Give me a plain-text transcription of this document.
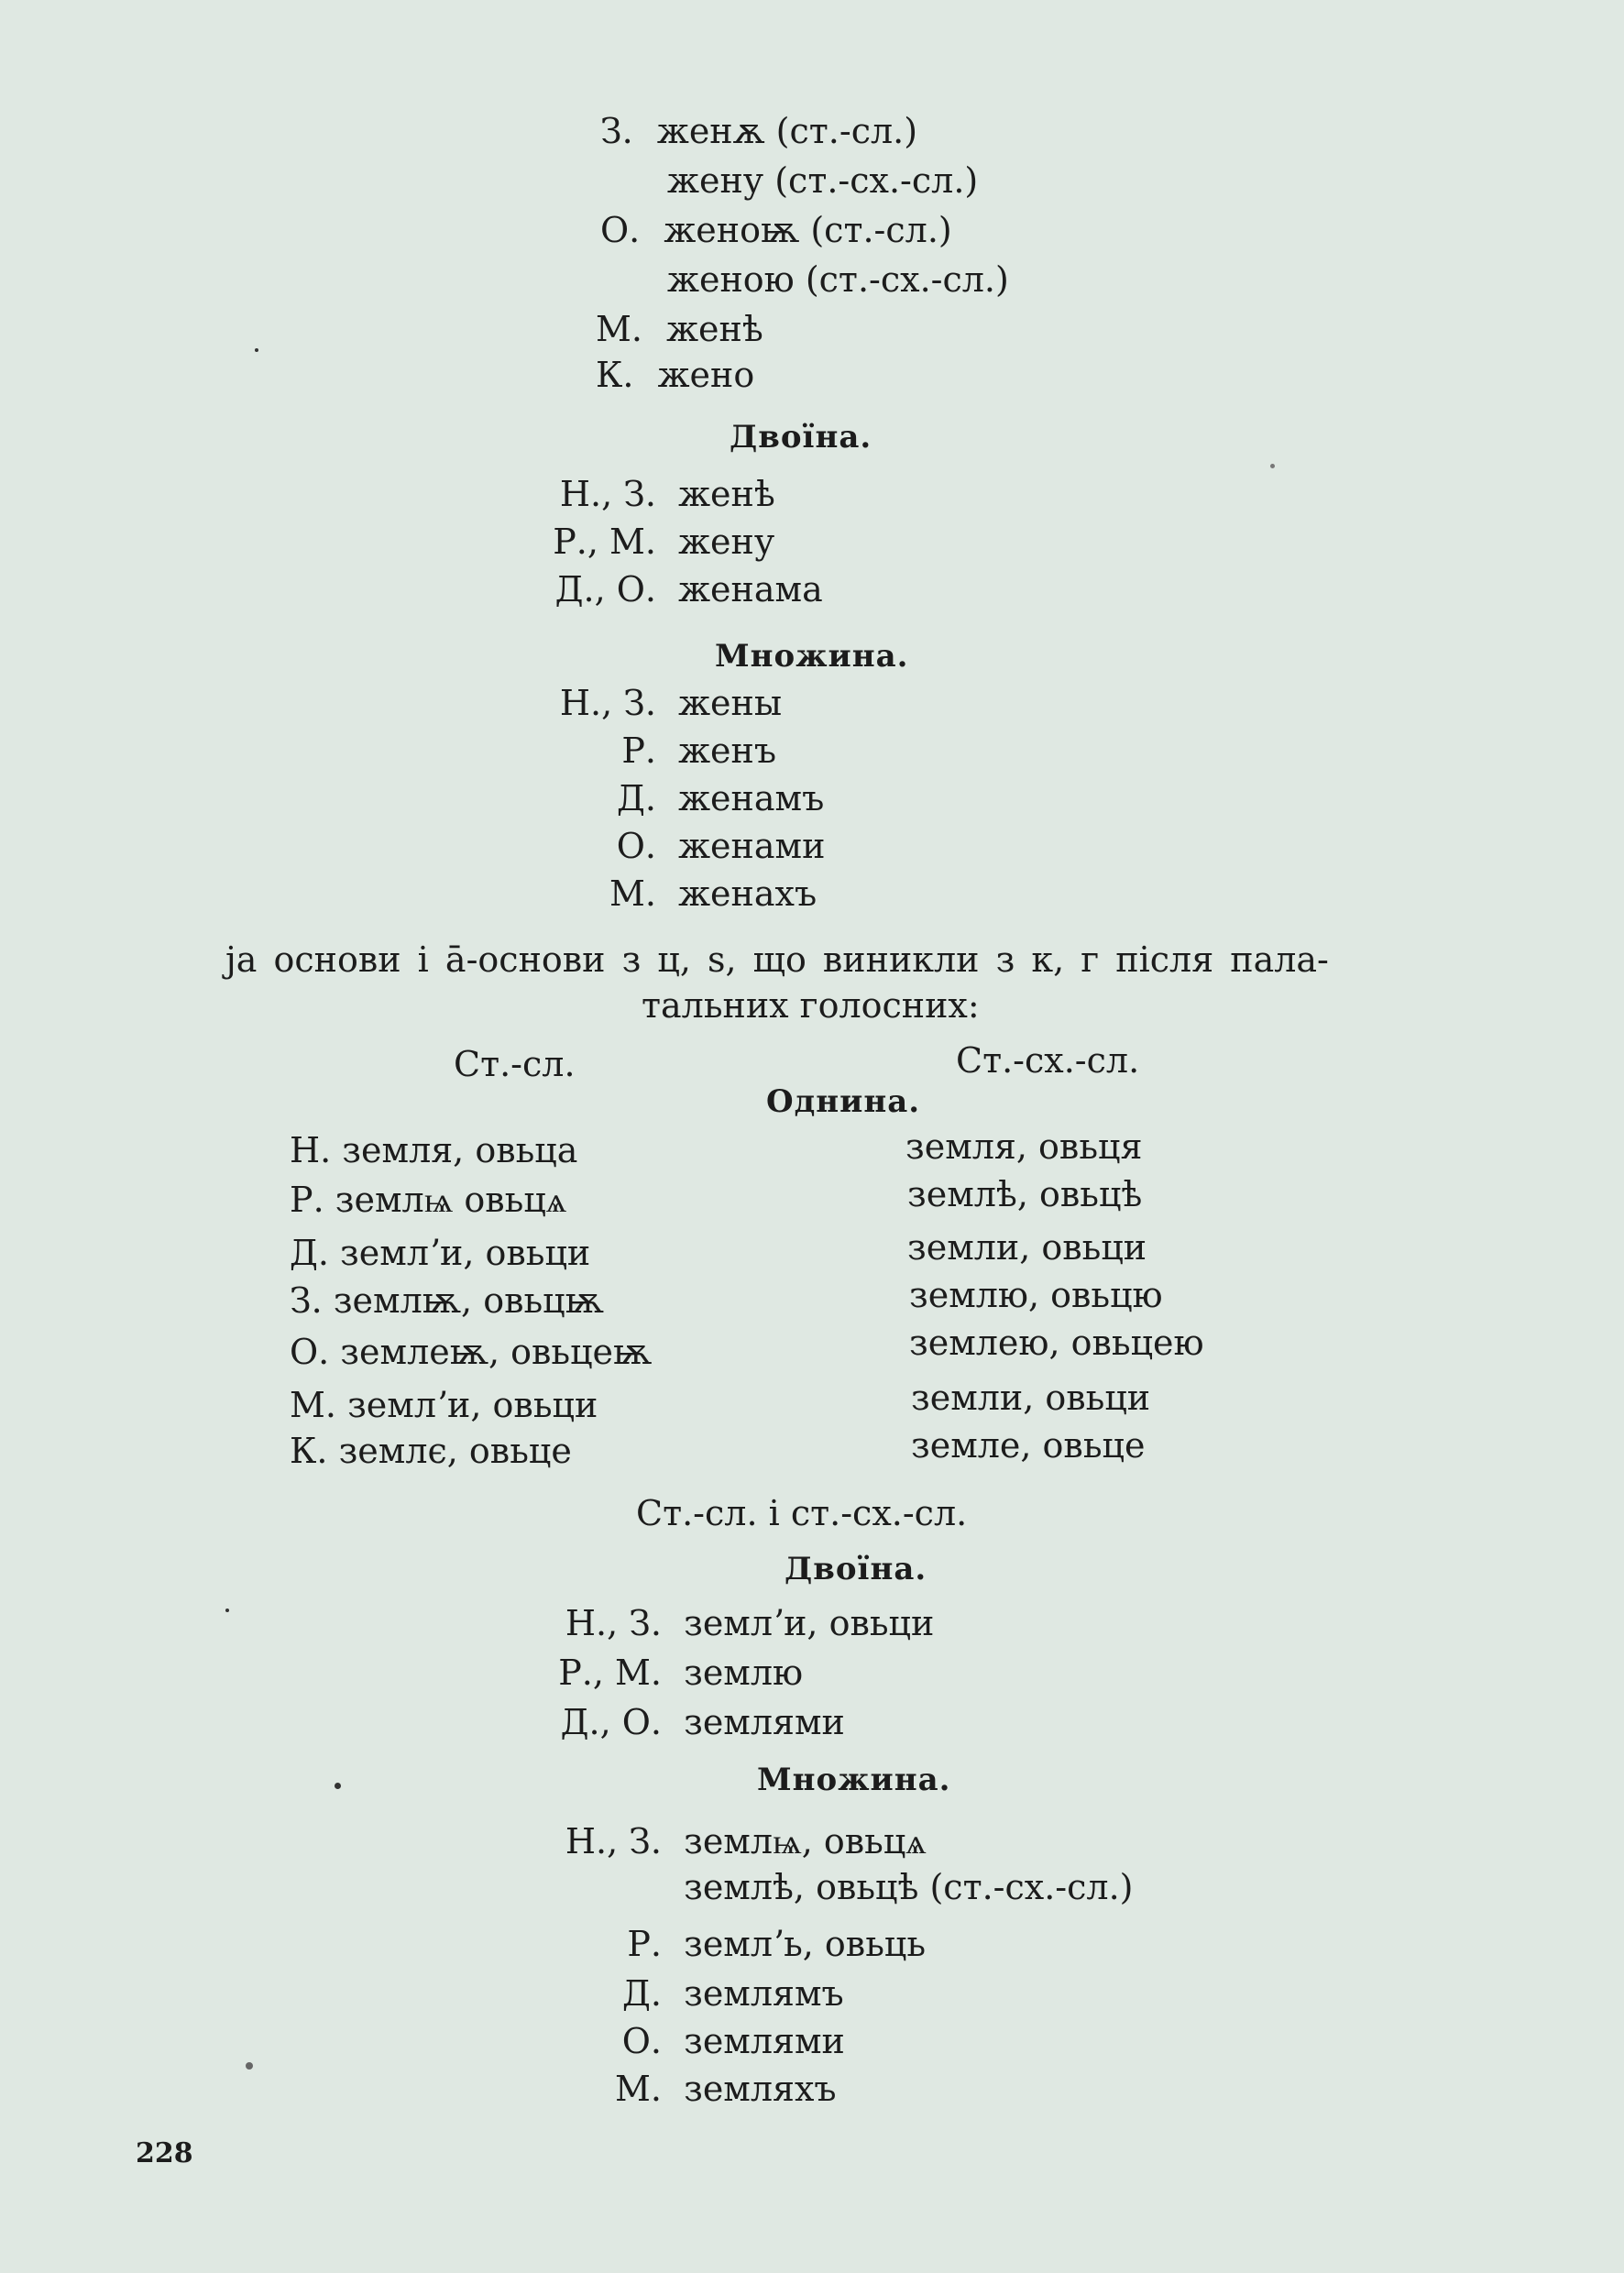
З. женѫ (ст.-сл.)
жену (ст.-сх.-сл.)
О. женоѭ (ст.-сл.)
женою (ст.-сх.-сл.)
М. женѣ
К. жено
Двоїна.
Н., З. женѣ
Р., М. жену
Д., О. женама
Множина.
Н., З. жены
Р. женъ
Д. женамъ
О. женами
М. женахъ
ja основи і ā-основи з ц, ѕ, що виникли з к, г після пала-
тальних голосних:
Ст.-сл.	Ст.-сх.-сл.
Однина.
Н. земля, овьца	земля, овьця
Р. землѩ овьцѧ	землѣ, овьцѣ
Д. землʼи, овьци	земли, овьци
З. землѭ, овьцѭ	землю, овьцю
О. землеѭ, овьцеѭ	землею, овьцею
М. землʼи, овьци	земли, овьци
К. землє, овьце	земле, овьце
Ст.-сл. і ст.-сх.-сл.
Двоїна.
Н., З. землʼи, овьци
Р., М. землю
Д., О. землями
Множина.
Н., З. землѩ, овьцѧ
землѣ, овьцѣ (ст.-сх.-сл.)
Р. землʼь, овьць
Д. землямъ
О. землями
М. земляхъ
228
